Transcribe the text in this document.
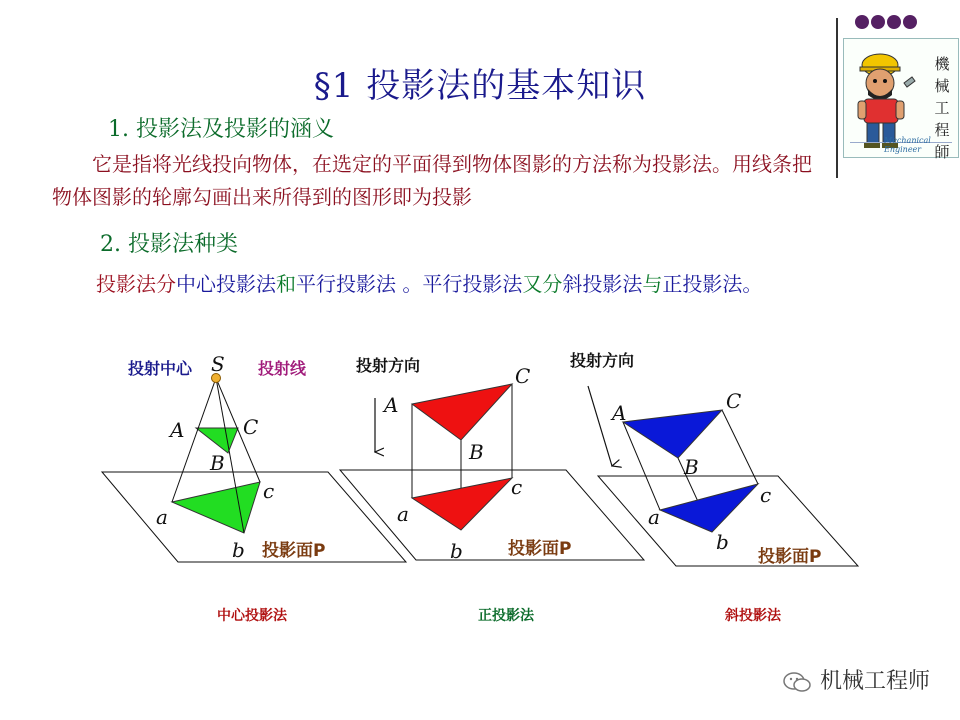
§1 投影法的基本知识
1. 投影法及投影的涵义
它是指将光线投向物体，在选定的平面得到物体图影的方法称为投影法。用线条把物体图影的轮廓勾画出来所得到的图形即为投影
2. 投影法种类
投影法分中心投影法和平行投影法 。平行投影法又分斜投影法与正投影法。
機械工程師
Mechanical Engineer
投射中心 S 投射线
A
B
C
a
b
c
投影面P
中心投影法
投射方向
A
B
C
a
b
c
投影面P
正投影法
投射方向
A
B
C
a
b
c
投影面P
斜投影法
机械工程师
